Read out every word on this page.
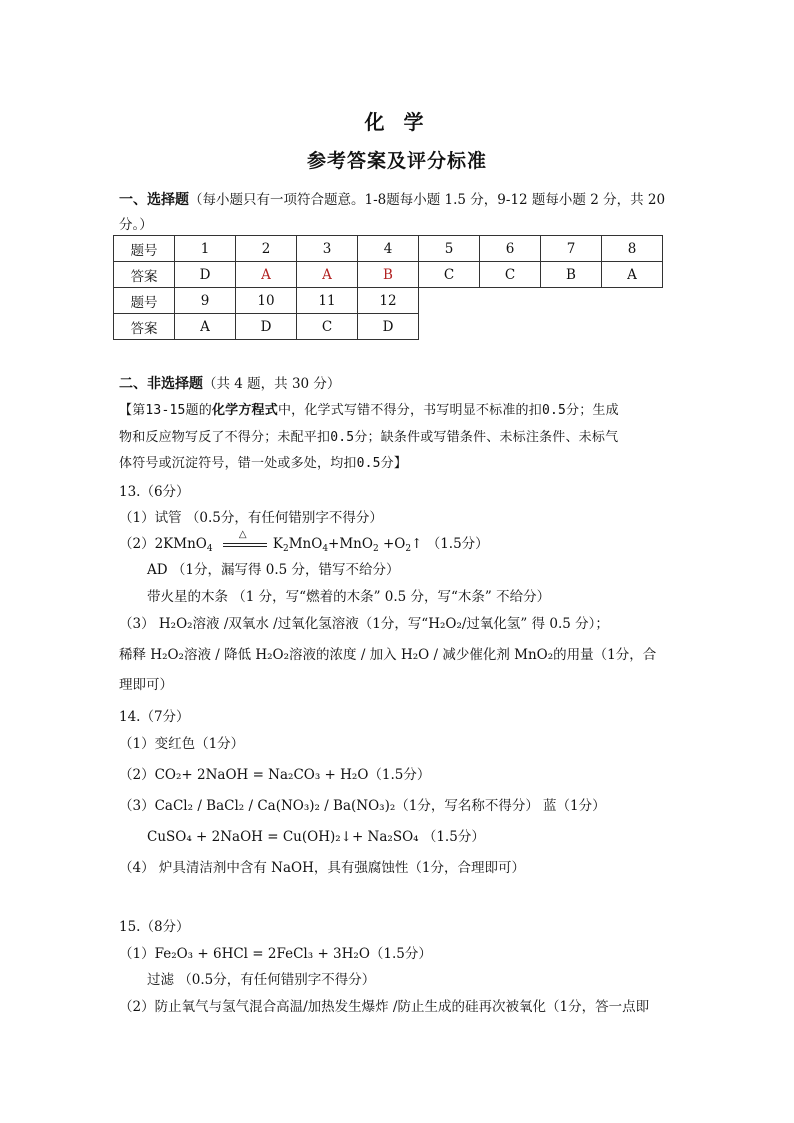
化 学
参考答案及评分标准
一、选择题（每小题只有一项符合题意。1-8题每小题 1.5 分，9-12 题每小题 2 分，共 20
分。）
题号	1	2	3	4	5	6	7	8
答案	D	A	A	B	C	C	B	A
题号	9	10	11	12				
答案	A	D	C	D				
二、非选择题（共 4 题，共 30 分）
【第13-15题的化学方程式中，化学式写错不得分，书写明显不标准的扣0.5分；生成
物和反应物写反了不得分；未配平扣0.5分；缺条件或写错条件、未标注条件、未标气
体符号或沉淀符号，错一处或多处，均扣0.5分】
13.（6分）
（1）试管 （0.5分，有任何错别字不得分）
（2）2KMnO$_4$
△
$K_2MnO_4+MnO_2$ $+O_2↑$ （1.5分）
AD （1分，漏写得 0.5 分，错写不给分）
带火星的木条 （1 分，写“燃着的木条” 0.5 分，写“木条” 不给分）
（3） H₂O₂溶液 /双氧水 /过氧化氢溶液（1分，写“H₂O₂/过氧化氢” 得 0.5 分）；
稀释 H₂O₂溶液 / 降低 H₂O₂溶液的浓度 / 加入 H₂O / 减少催化剂 MnO₂的用量（1分，合
理即可）
14.（7分）
（1）变红色（1分）
（2）CO₂+ 2NaOH = Na₂CO₃ + H₂O（1.5分）
（3）CaCl₂ / BaCl₂ / Ca(NO₃)₂ / Ba(NO₃)₂（1分，写名称不得分） 蓝（1分）
CuSO₄ + 2NaOH = Cu(OH)₂↓+ Na₂SO₄ （1.5分）
（4） 炉具清洁剂中含有 NaOH，具有强腐蚀性（1分，合理即可）
15.（8分）
（1）Fe₂O₃ + 6HCl = 2FeCl₃ + 3H₂O（1.5分）
过滤 （0.5分，有任何错别字不得分）
（2）防止氧气与氢气混合高温/加热发生爆炸 /防止生成的硅再次被氧化（1分，答一点即
